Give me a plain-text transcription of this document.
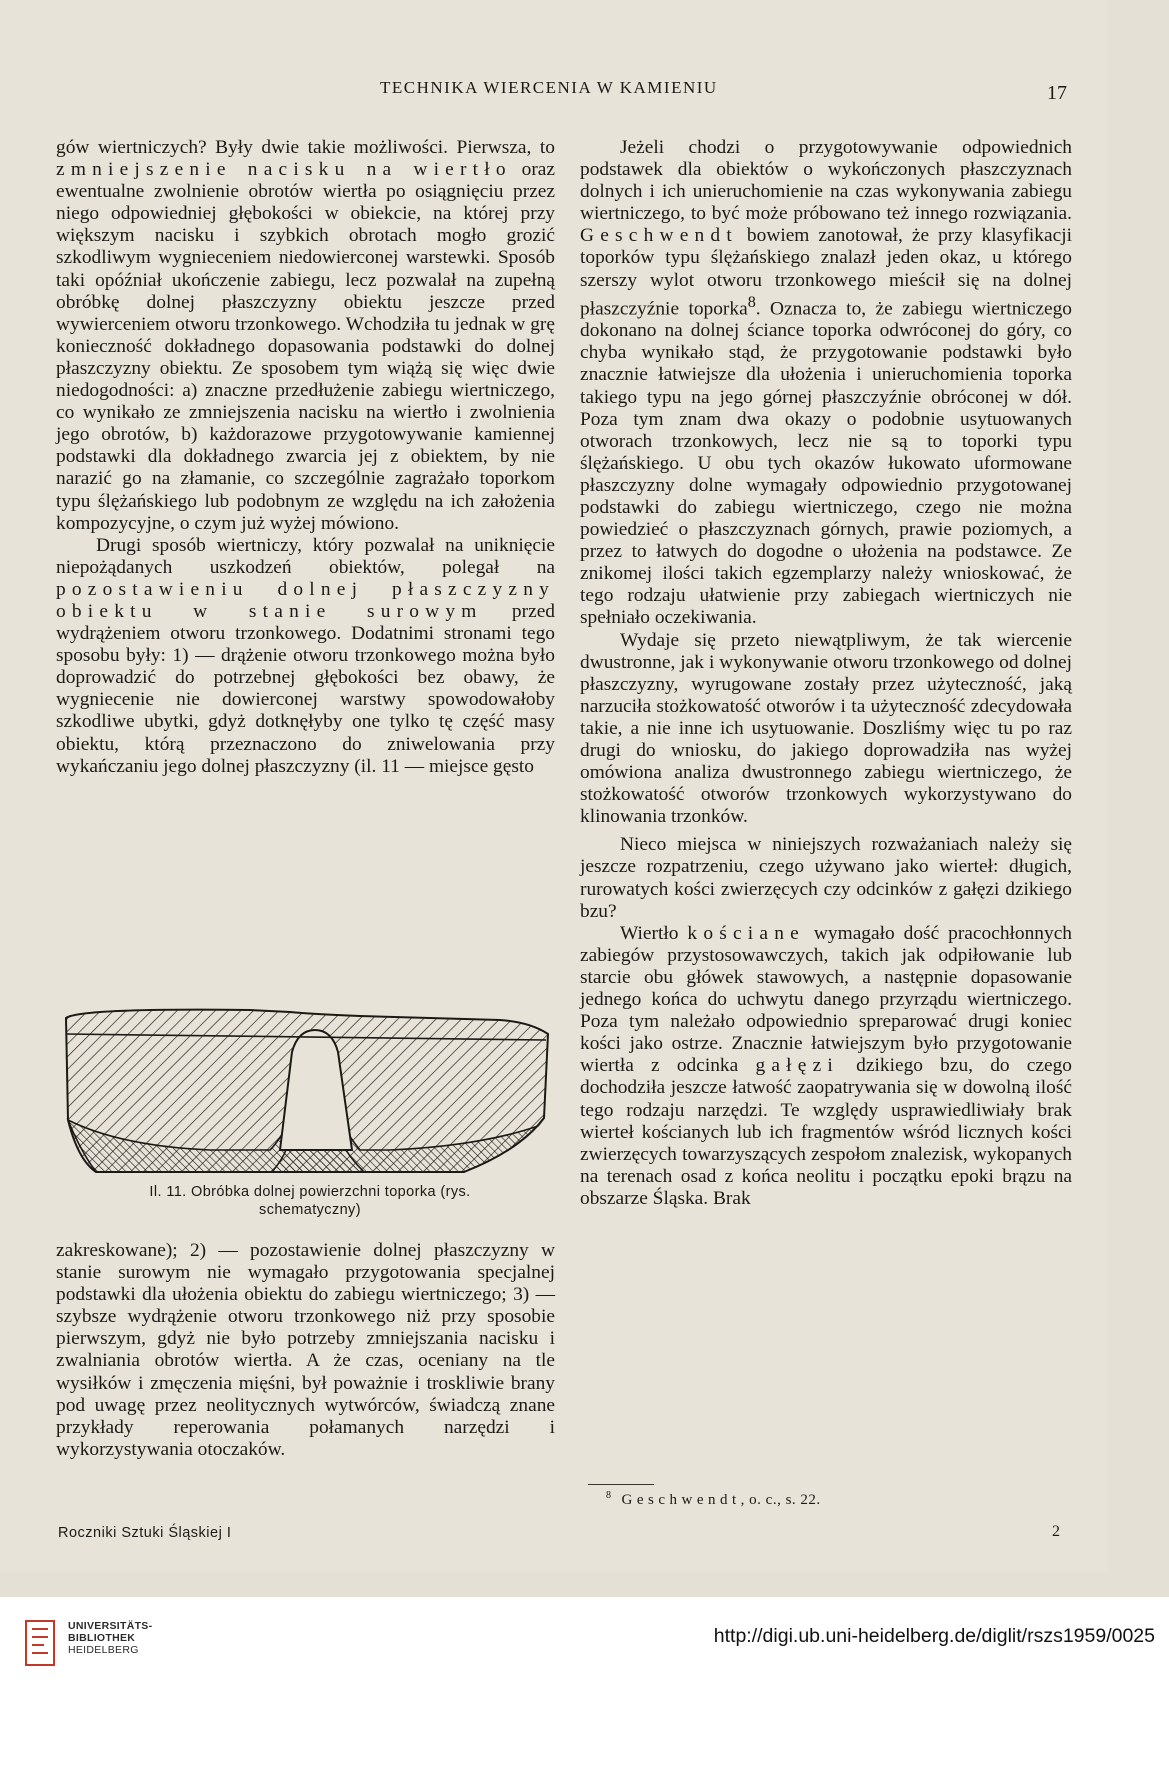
TECHNIKA WIERCENIA W KAMIENIU	17

gów wiertniczych? Były dwie takie możliwości. Pierwsza, to zmniejszenie nacisku na wiertło oraz ewentualne zwolnienie obrotów wiertła po osiągnięciu przez niego odpowiedniej głębokości w obiekcie, na której przy większym nacisku i szybkich obrotach mogło grozić szkodliwym wygnieceniem niedowierconej warstewki. Sposób taki opóźniał ukończenie zabiegu, lecz pozwalał na zupełną obróbkę dolnej płaszczyzny obiektu jeszcze przed wywierceniem otworu trzonkowego. Wchodziła tu jednak w grę konieczność dokładnego dopasowania podstawki do dolnej płaszczyzny obiektu. Ze sposobem tym wiążą się więc dwie niedogodności: a) znaczne przedłużenie zabiegu wiertniczego, co wynikało ze zmniejszenia nacisku na wiertło i zwolnienia jego obrotów, b) każdorazowe przygotowywanie kamiennej podstawki dla dokładnego zwarcia jej z obiektem, by nie narazić go na złamanie, co szczególnie zagrażało toporkom typu ślężańskiego lub podobnym ze względu na ich założenia kompozycyjne, o czym już wyżej mówiono.

Drugi sposób wiertniczy, który pozwalał na uniknięcie niepożądanych uszkodzeń obiektów, polegał na pozostawieniu dolnej płaszczyzny obiektu w stanie surowym przed wydrążeniem otworu trzonkowego. Dodatnimi stronami tego sposobu były: 1) — drążenie otworu trzonkowego można było doprowadzić do potrzebnej głębokości bez obawy, że wygniecenie nie dowierconej warstwy spowodowałoby szkodliwe ubytki, gdyż dotknęłyby one tylko tę część masy obiektu, którą przeznaczono do zniwelowania przy wykańczaniu jego dolnej płaszczyzny (il. 11 — miejsce gęsto

Il. 11. Obróbka dolnej powierzchni toporka (rys.
schematyczny)

zakreskowane); 2) — pozostawienie dolnej płaszczyzny w stanie surowym nie wymagało przygotowania specjalnej podstawki dla ułożenia obiektu do zabiegu wiertniczego; 3) — szybsze wydrążenie otworu trzonkowego niż przy sposobie pierwszym, gdyż nie było potrzeby zmniejszania nacisku i zwalniania obrotów wiertła. A że czas, oceniany na tle wysiłków i zmęczenia mięśni, był poważnie i troskliwie brany pod uwagę przez neolitycznych wytwórców, świadczą znane przykłady reperowania połamanych narzędzi i wykorzystywania otoczaków.

Jeżeli chodzi o przygotowywanie odpowiednich podstawek dla obiektów o wykończonych płaszczyznach dolnych i ich unieruchomienie na czas wykonywania zabiegu wiertniczego, to być może próbowano też innego rozwiązania. Geschwendt bowiem zanotował, że przy klasyfikacji toporków typu ślężańskiego znalazł jeden okaz, u którego szerszy wylot otworu trzonkowego mieścił się na dolnej płaszczyźnie toporka$^8$. Oznacza to, że zabiegu wiertniczego dokonano na dolnej ściance toporka odwróconej do góry, co chyba wynikało stąd, że przygotowanie podstawki było znacznie łatwiejsze dla ułożenia i unieruchomienia toporka takiego typu na jego górnej płaszczyźnie obróconej w dół. Poza tym znam dwa okazy o podobnie usytuowanych otworach trzonkowych, lecz nie są to toporki typu ślężańskiego. U obu tych okazów łukowato uformowane płaszczyzny dolne wymagały odpowiednio przygotowanej podstawki do zabiegu wiertniczego, czego nie można powiedzieć o płaszczyznach górnych, prawie poziomych, a przez to łatwych do dogodne o ułożenia na podstawce. Ze znikomej ilości takich egzemplarzy należy wnioskować, że tego rodzaju ułatwienie przy zabiegach wiertniczych nie spełniało oczekiwania.

Wydaje się przeto niewątpliwym, że tak wiercenie dwustronne, jak i wykonywanie otworu trzonkowego od dolnej płaszczyzny, wyrugowane zostały przez użyteczność, jaką narzuciła stożkowatość otworów i ta użyteczność zdecydowała takie, a nie inne ich usytuowanie. Doszliśmy więc tu po raz drugi do wniosku, do jakiego doprowadziła nas wyżej omówiona analiza dwustronnego zabiegu wiertniczego, że stożkowatość otworów trzonkowych wykorzystywano do klinowania trzonków.

Nieco miejsca w niniejszych rozważaniach należy się jeszcze rozpatrzeniu, czego używano jako wierteł: długich, rurowatych kości zwierzęcych czy odcinków z gałęzi dzikiego bzu?

Wiertło kościane wymagało dość pracochłonnych zabiegów przystosowawczych, takich jak odpiłowanie lub starcie obu główek stawowych, a następnie dopasowanie jednego końca do uchwytu danego przyrządu wiertniczego. Poza tym należało odpowiednio spreparować drugi koniec kości jako ostrze. Znacznie łatwiejszym było przygotowanie wiertła z odcinka gałęzi dzikiego bzu, do czego dochodziła jeszcze łatwość zaopatrywania się w dowolną ilość tego rodzaju narzędzi. Te względy usprawiedliwiały brak wierteł kościanych lub ich fragmentów wśród licznych kości zwierzęcych towarzyszących zespołom znalezisk, wykopanych na terenach osad z końca neolitu i początku epoki brązu na obszarze Śląska. Brak

$^8$ Geschwendt, o. c., s. 22.
Roczniki Sztuki Śląskiej I	2
UNIVERSITÄTS-
BIBLIOTHEK
HEIDELBERG
http://digi.ub.uni-heidelberg.de/diglit/rszs1959/0025
